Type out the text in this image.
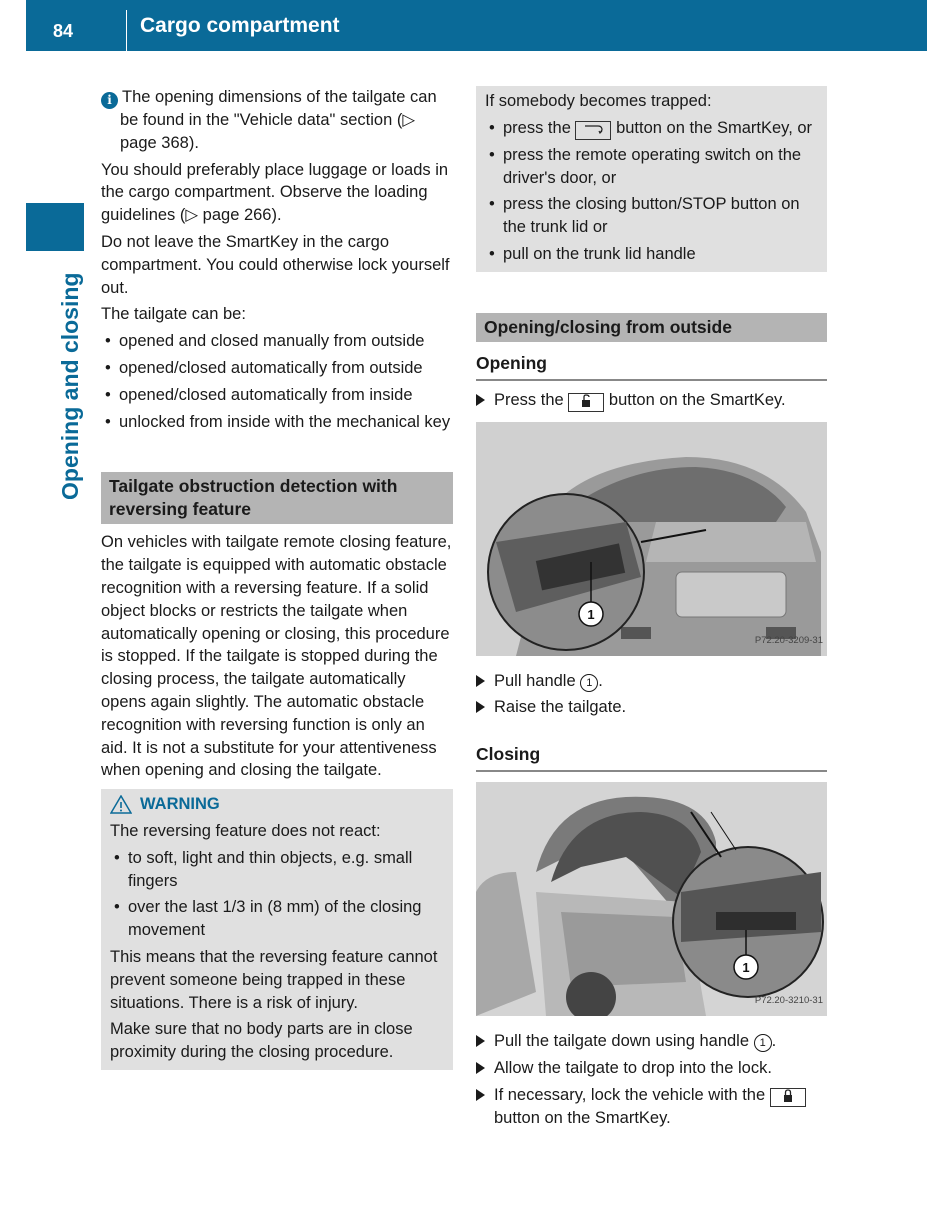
84	Cargo compartment
Opening and closing

i The opening dimensions of the tailgate can be found in the "Vehicle data" section (▷ page 368).

You should preferably place luggage or loads in the cargo compartment. Observe the loading guidelines (▷ page 266).

Do not leave the SmartKey in the cargo compartment. You could otherwise lock yourself out.

The tailgate can be:

• opened and closed manually from outside
• opened/closed automatically from outside
• opened/closed automatically from inside
• unlocked from inside with the mechanical key
Tailgate obstruction detection with reversing feature

On vehicles with tailgate remote closing feature, the tailgate is equipped with automatic obstacle recognition with a reversing feature. If a solid object blocks or restricts the tailgate when automatically opening or closing, this procedure is stopped. If the tailgate is stopped during the closing process, the tailgate automatically opens again slightly. The automatic obstacle recognition with reversing function is only an aid. It is not a substitute for your attentiveness when opening and closing the tailgate.

WARNING

The reversing feature does not react:

• to soft, light and thin objects, e.g. small fingers
• over the last 1/3 in (8 mm) of the closing movement

This means that the reversing feature cannot prevent someone being trapped in these situations. There is a risk of injury.

Make sure that no body parts are in close proximity during the closing procedure.

If somebody becomes trapped:

• press the	button on the SmartKey, or
• press the remote operating switch on the driver's door, or
• press the closing button/STOP button on the trunk lid or
• pull on the trunk lid handle
Opening/closing from outside
Opening
Press the	button on the SmartKey.
1
P72.20-3209-31
Pull handle 1 .
Raise the tailgate.
Closing
1
P72.20-3210-31
Pull the tailgate down using handle 1 .
Allow the tailgate to drop into the lock.
If necessary, lock the vehicle with the  button on the SmartKey.
